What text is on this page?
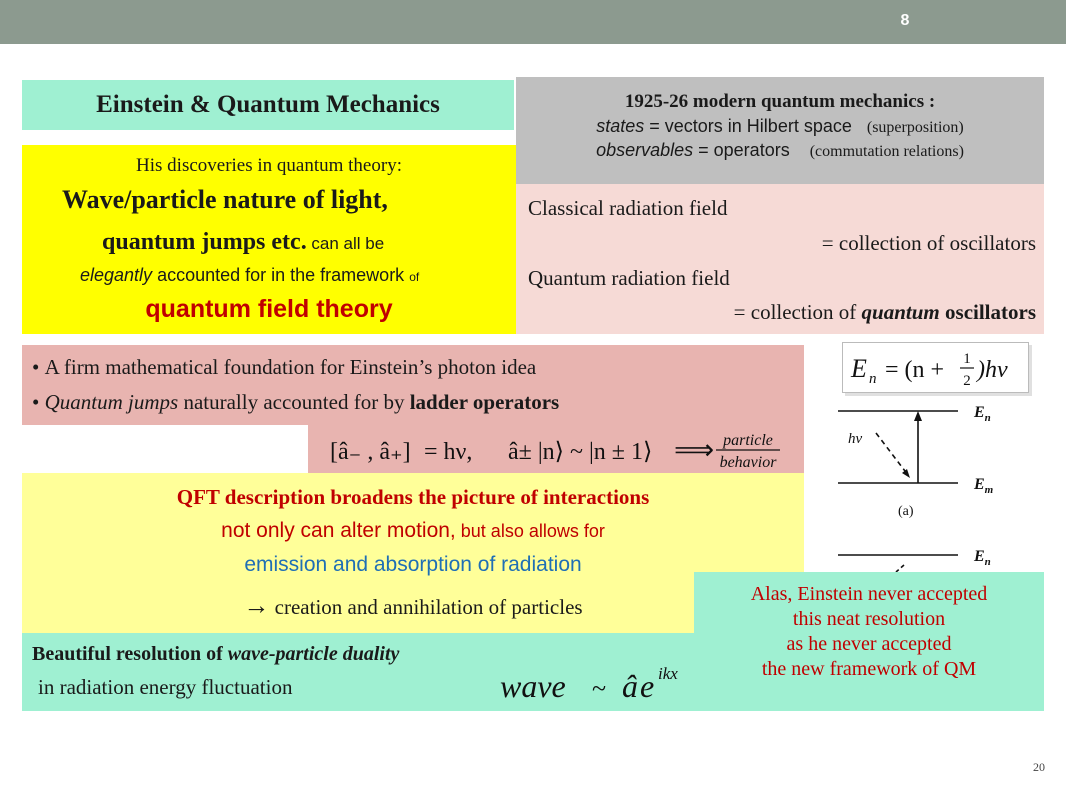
8
Einstein & Quantum Mechanics	1925-26 modern quantum mechanics :
states = vectors in Hilbert space (superposition)
observables = operators (commutation relations)
His discoveries in quantum theory:
Wave/particle nature of light,
quantum jumps etc. can all be
elegantly accounted for in the framework of
quantum field theory
Classical radiation field
= collection of oscillators
Quantum radiation field
= collection of quantum oscillators
• A firm mathematical foundation for Einstein’s photon idea
• Quantum jumps naturally accounted for by ladder operators
[â₋ , â₊] = hν, â± |n⟩ ~ |n ± 1⟩ ⟹ particle
behavior
QFT description broadens the picture of interactions
not only can alter motion, but also allows for
emission and absorption of radiation
→ creation and annihilation of particles
$E_n$
hν
$E_m$
(a)
$E_n$
E n = (n + 1
2 )hν
Beautiful resolution of wave-particle duality
in radiation energy fluctuation	wave ~ â e ikx
Alas, Einstein never accepted
this neat resolution
as he never accepted
the new framework of QM
20
